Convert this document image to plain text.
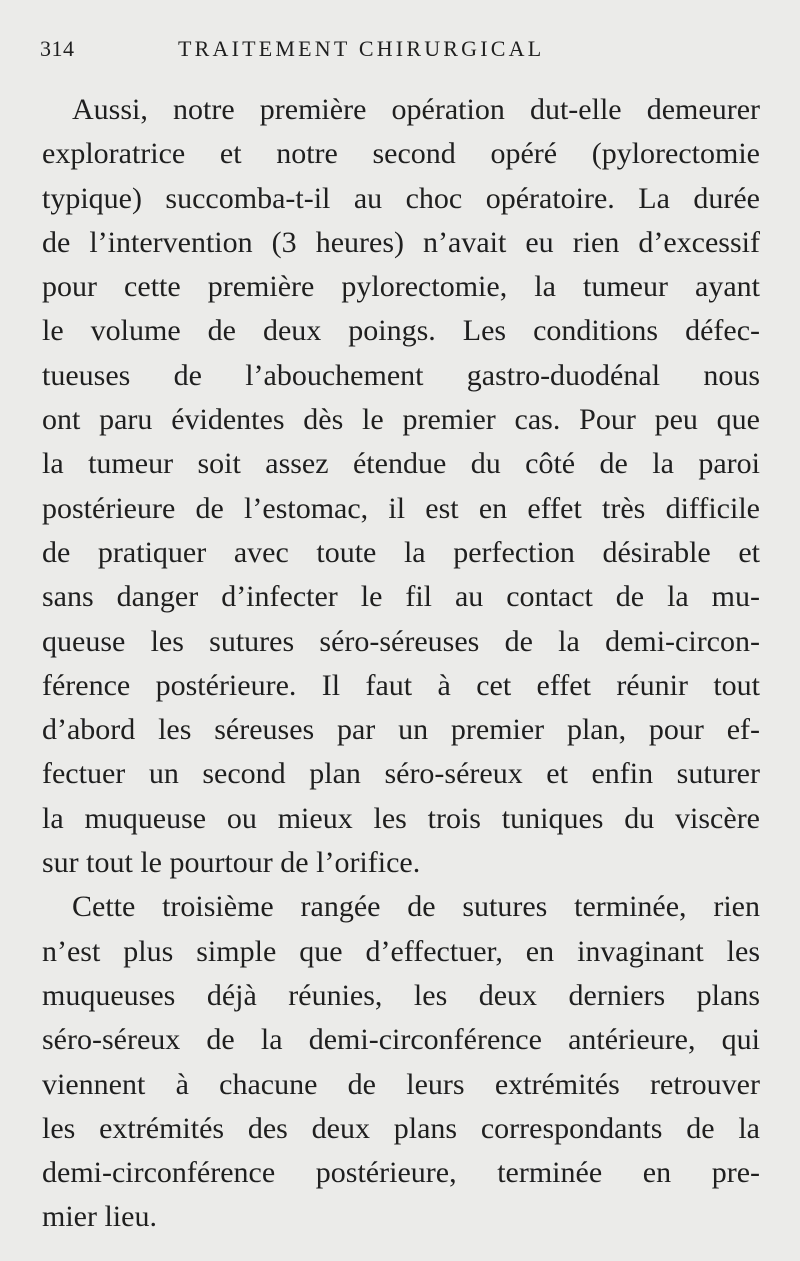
314	TRAITEMENT CHIRURGICAL

Aussi, notre première opération dut-elle demeurer
exploratrice et notre second opéré (pylorectomie
typique) succomba-t-il au choc opératoire. La durée
de l’intervention (3 heures) n’avait eu rien d’excessif
pour cette première pylorectomie, la tumeur ayant
le volume de deux poings. Les conditions défec-
tueuses de l’abouchement gastro-duodénal nous
ont paru évidentes dès le premier cas. Pour peu que
la tumeur soit assez étendue du côté de la paroi
postérieure de l’estomac, il est en effet très difficile
de pratiquer avec toute la perfection désirable et
sans danger d’infecter le fil au contact de la mu-
queuse les sutures séro-séreuses de la demi-circon-
férence postérieure. Il faut à cet effet réunir tout
d’abord les séreuses par un premier plan, pour ef-
fectuer un second plan séro-séreux et enfin suturer
la muqueuse ou mieux les trois tuniques du viscère
sur tout le pourtour de l’orifice.

Cette troisième rangée de sutures terminée, rien
n’est plus simple que d’effectuer, en invaginant les
muqueuses déjà réunies, les deux derniers plans
séro-séreux de la demi-circonférence antérieure, qui
viennent à chacune de leurs extrémités retrouver
les extrémités des deux plans correspondants de la
demi-circonférence postérieure, terminée en pre-
mier lieu.
